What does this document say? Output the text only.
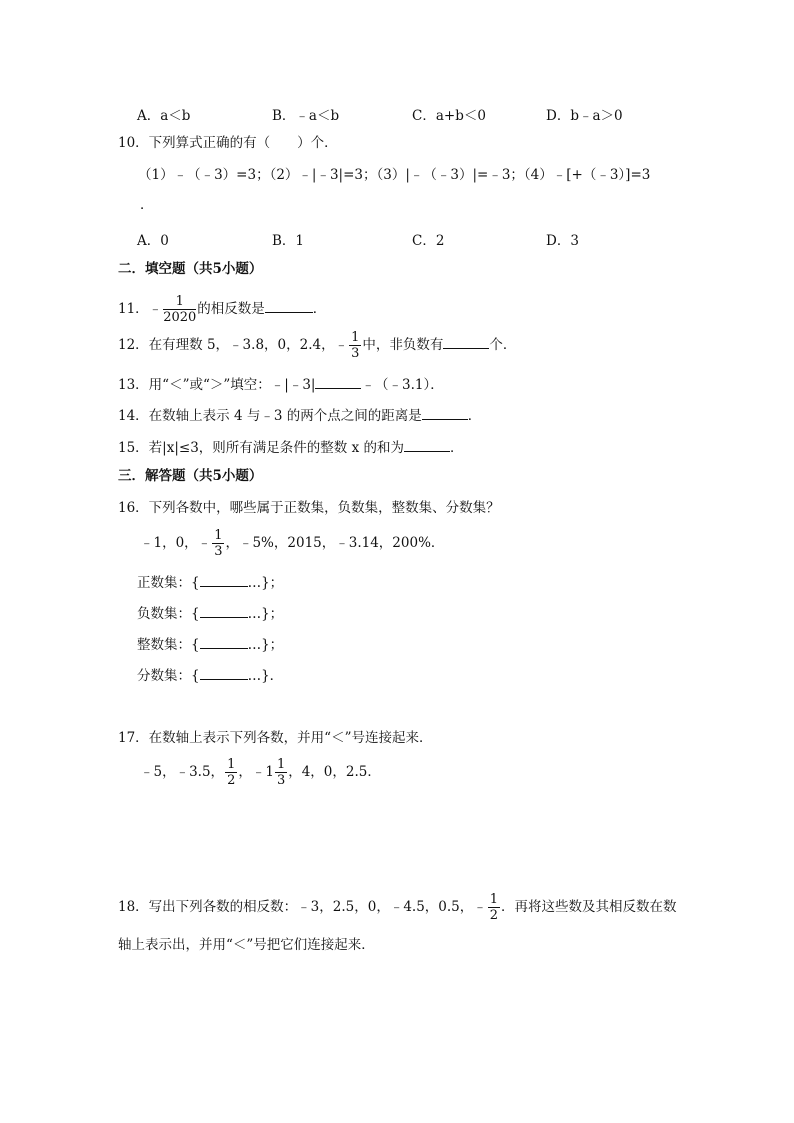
A．a＜b	B．﹣a＜b	C．a+b＜0	D．b﹣a＞0
10．下列算式正确的有（　　）个．
（1）﹣（﹣3）=3；（2）﹣|﹣3|=3；（3）|﹣（﹣3）|=﹣3；（4）﹣[+（﹣3）]=3
．
A．0	B．1	C．2	D．3
二．填空题（共5小题）
11．﹣ $\frac{1}{2020}$ 的相反数是	．
12．在有理数 5，﹣3.8，0，2.4，﹣ $\frac{1}{3}$ 中，非负数有	个．
13．用“＜”或“＞”填空：﹣|﹣3|	﹣（﹣3.1）．
14．在数轴上表示 4 与﹣3 的两个点之间的距离是	．
15．若|x|≤3，则所有满足条件的整数 x 的和为	．
三．解答题（共5小题）
16．下列各数中，哪些属于正数集，负数集，整数集、分数集？
﹣1，0，﹣ $\frac{1}{3}$ ，﹣5%，2015，﹣3.14，200%．
正数集：{	…}；
负数集：{	…}；
整数集：{	…}；
分数集：{	…}．
17．在数轴上表示下列各数，并用“＜”号连接起来．
﹣5，﹣3.5， $\frac{1}{2}$ ，﹣1 $\frac{1}{3}$ ，4，0，2.5．
18．写出下列各数的相反数：﹣3，2.5，0，﹣4.5，0.5，﹣ $\frac{1}{2}$ ．再将这些数及其相反数在数
轴上表示出，并用“＜”号把它们连接起来．
